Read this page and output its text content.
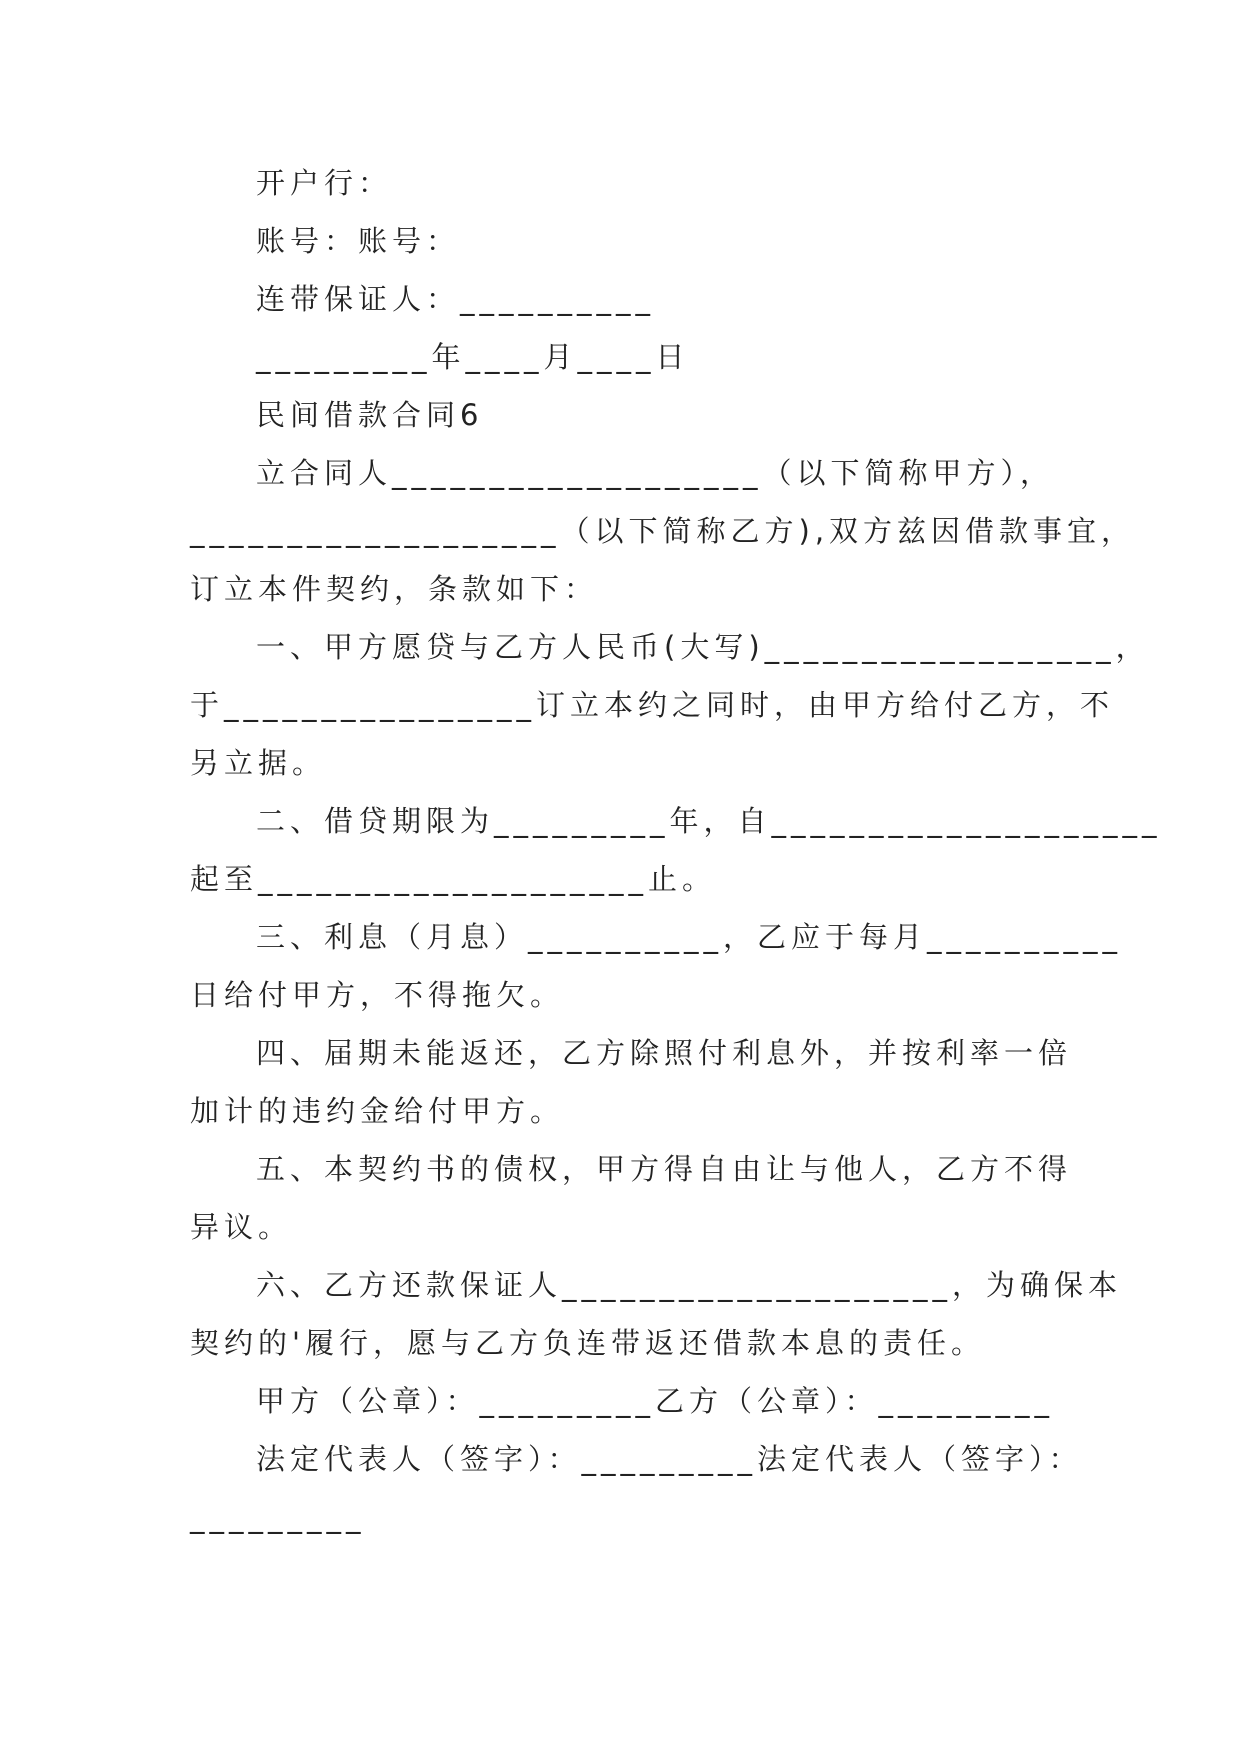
开户行：
账号：账号：
连带保证人：__________
_________年____月____日
民间借款合同6
立合同人___________________（以下简称甲方），
___________________（以下简称乙方),双方兹因借款事宜，
订立本件契约，条款如下：
一、甲方愿贷与乙方人民币(大写)__________________，
于________________订立本约之同时，由甲方给付乙方，不
另立据。
二、借贷期限为_________年，自____________________
起至____________________止。
三、利息（月息）__________，乙应于每月__________
日给付甲方，不得拖欠。
四、届期未能返还，乙方除照付利息外，并按利率一倍
加计的违约金给付甲方。
五、本契约书的债权，甲方得自由让与他人，乙方不得
异议。
六、乙方还款保证人____________________，为确保本
契约的'履行，愿与乙方负连带返还借款本息的责任。
甲方（公章）：_________乙方（公章）：_________
法定代表人（签字）：_________法定代表人（签字）：
_________
